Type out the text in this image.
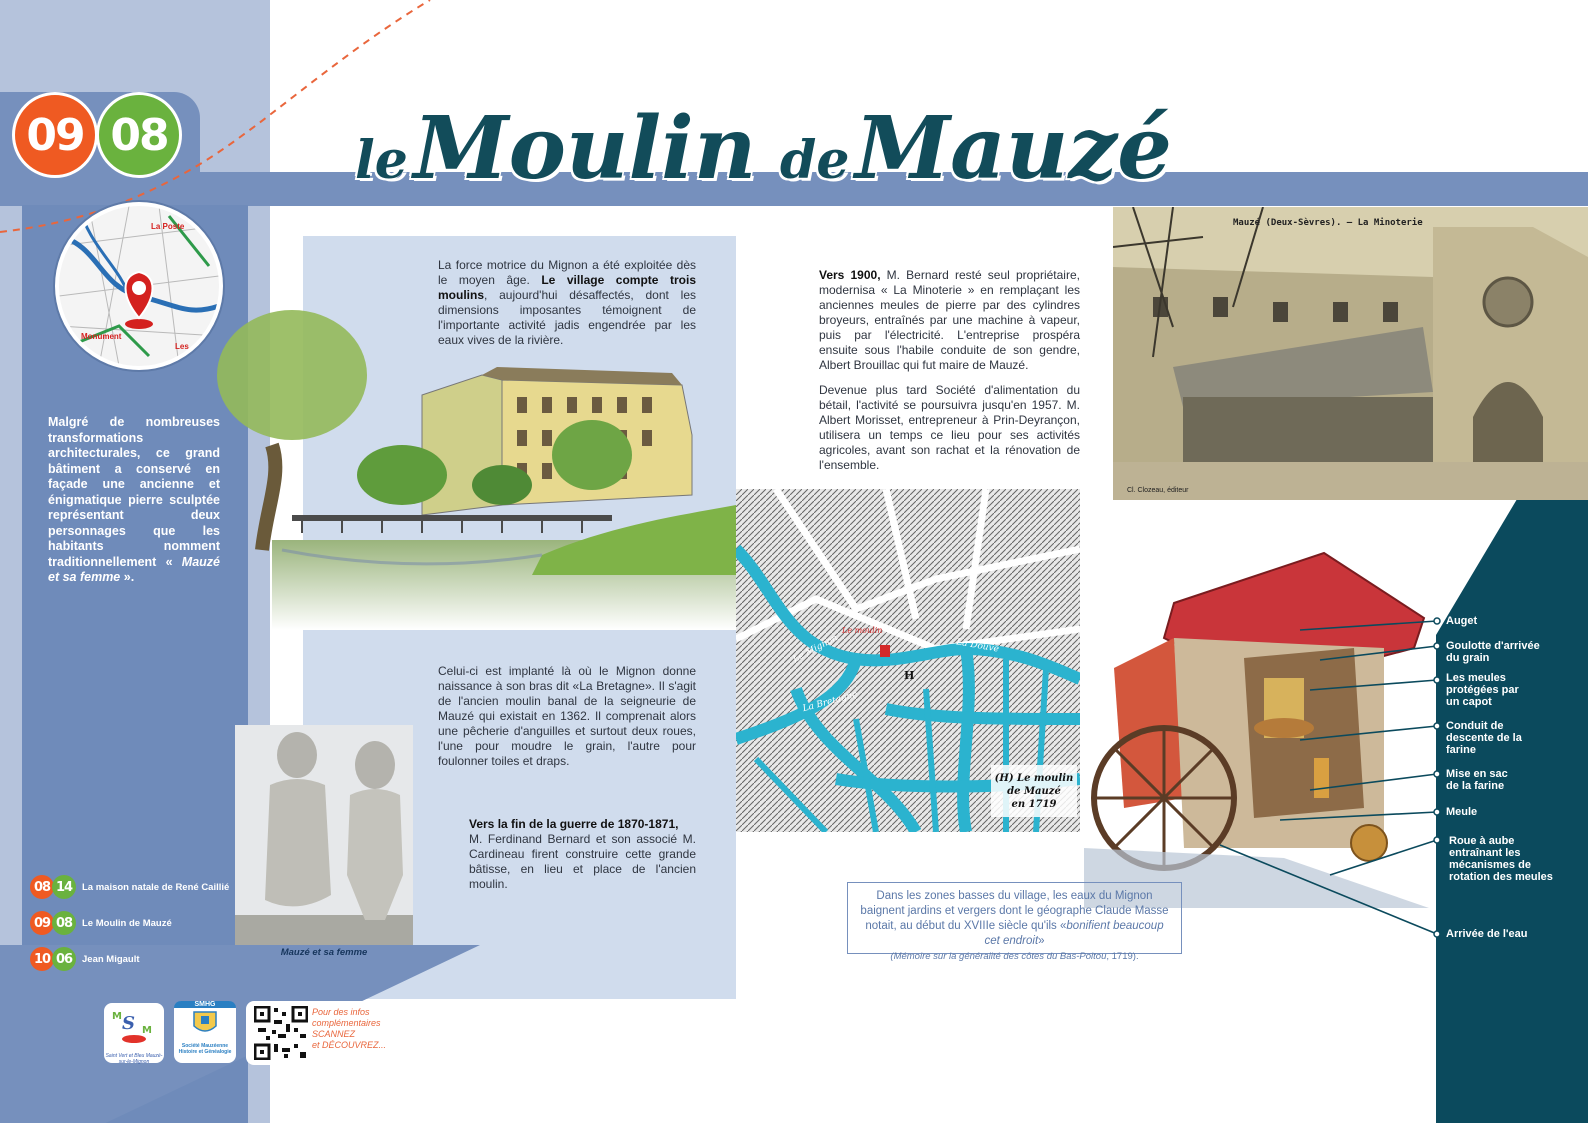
09 08	le Moulin de Mauzé
La Poste
Monument
Les
Malgré de nombreuses transformations architecturales, ce grand bâtiment a conservé en façade une ancienne et énigmatique pierre sculptée représentant deux personnages que les habitants nomment traditionnellement « Mauzé et sa femme ».
La force motrice du Mignon a été exploitée dès le moyen âge. Le village compte trois moulins, aujourd'hui désaffectés, dont les dimensions imposantes témoignent de l'importante activité jadis engendrée par les eaux vives de la rivière.
Celui-ci est implanté là où le Mignon donne naissance à son bras dit «La Bretagne». Il s'agit de l'ancien moulin banal de la seigneurie de Mauzé qui existait en 1362. Il comprenait alors une pêcherie d'anguilles et surtout deux roues, l'une pour moudre le grain, l'autre pour foulonner toiles et draps.
Mauzé et sa femme
Vers la fin de la guerre de 1870-1871,
M. Ferdinand Bernard et son associé M. Cardineau firent construire cette grande bâtisse, en lieu et place de l'ancien moulin.
Vers 1900, M. Bernard resté seul propriétaire, modernisa « La Minoterie » en remplaçant les anciennes meules de pierre par des cylindres broyeurs, entraînés par une machine à vapeur, puis par l'électricité. L'entreprise prospéra ensuite sous l'habile conduite de son gendre, Albert Brouillac qui fut maire de Mauzé.
Devenue plus tard Société d'alimentation du bétail, l'activité se poursuivra jusqu'en 1957. M. Albert Morisset, entrepreneur à Prin-Deyrançon, utilisera un temps ce lieu pour ses activités agricoles, avant son rachat et la rénovation de l'ensemble.
Mauzé (Deux-Sèvres). — La Minoterie
Cl. Clozeau, éditeur
Le moulin
Le Mignon
La Bretagne
La Douve
H
(H) Le moulin
de Mauzé
en 1719
Auget
Goulotte d'arrivée du grain
Les meules protégées par un capot
Conduit de descente de la farine
Mise en sac de la farine
Meule
Roue à aube entraînant les mécanismes de rotation des meules
Arrivée de l'eau
Dans les zones basses du village, les eaux du Mignon baignent jardins et vergers dont le géographe Claude Masse notait, au début du XVIIIe siècle qu'ils «bonifient beaucoup cet endroit»
(Mémoire sur la généralité des côtes du Bas-Poitou, 1719).
08 14	La maison natale de René Caillié
09 08	Le Moulin de Mauzé
10 06	Jean Migault
S
M
M
Saint Vert et Bleu Mauzé-sur-le-Mignon
SMHG
Société Mauzéenne Histoire et Généalogie
Pour des infos
complémentaires
SCANNEZ
et DÉCOUVREZ...
